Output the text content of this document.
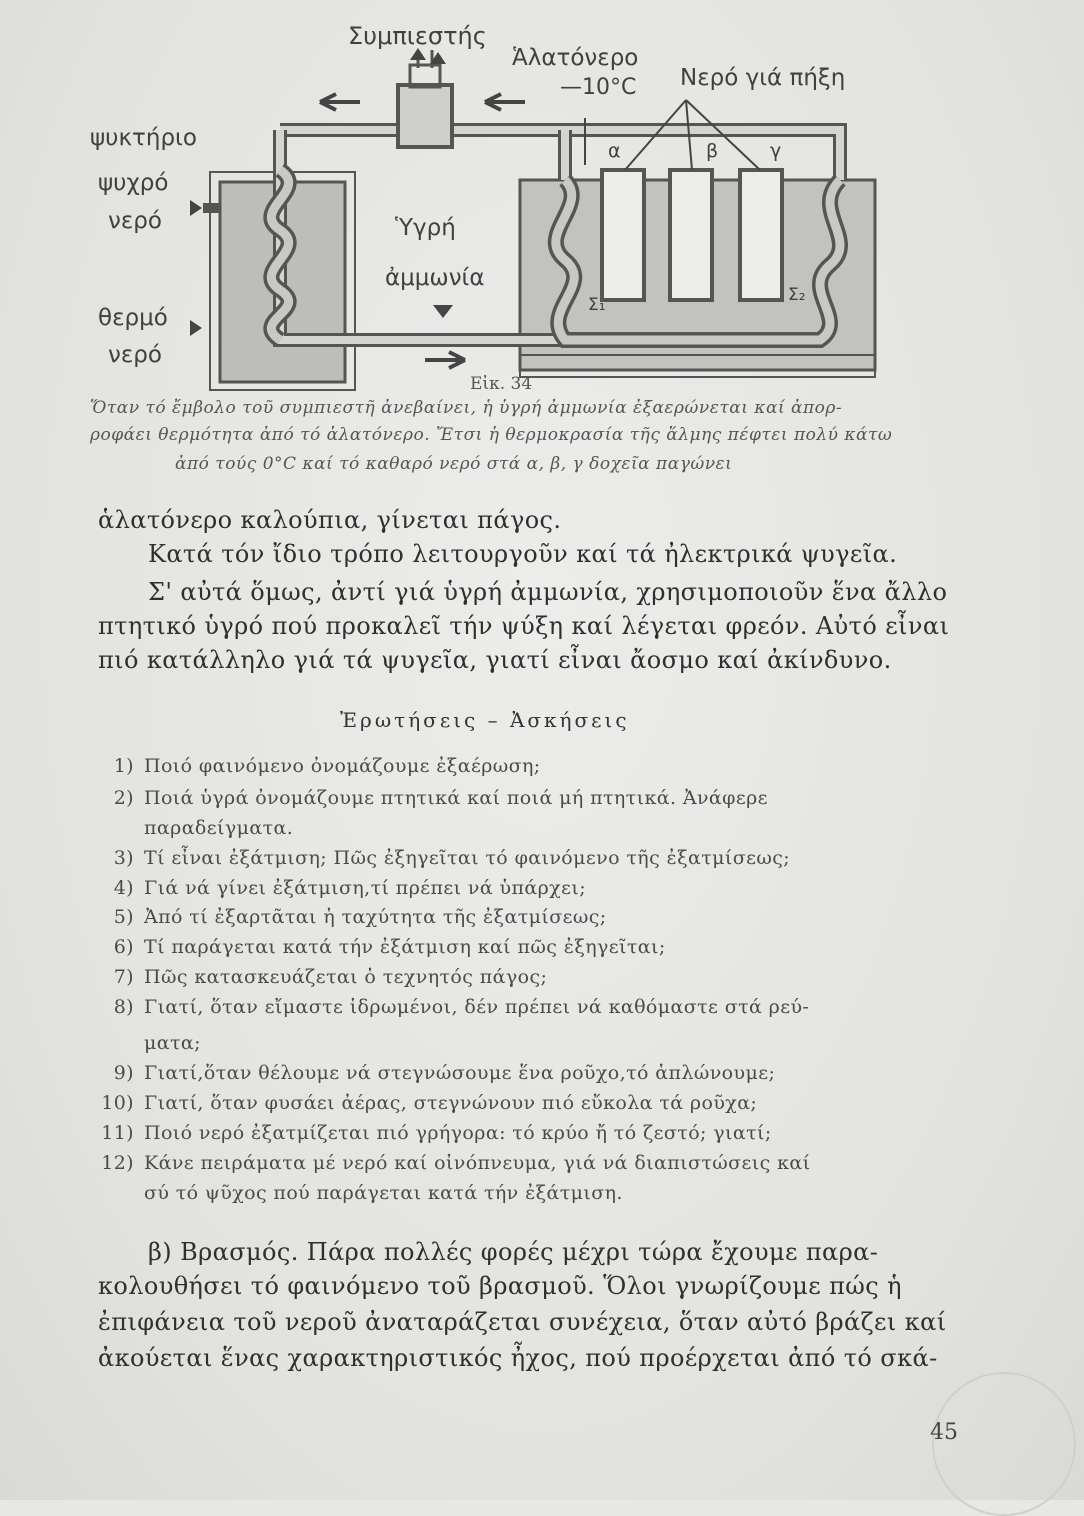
Συμπιεστής
Ἁλατόνερο
—10°C Νερό γιά πήξη
ψυκτήριο
ψυχρό
νερό	Ὑγρή
ἀμμωνία
θερμό
νερό
α	β	γ
Σ₁	Σ₂
Εἰκ. 34
Ὅταν τό ἔμβολο τοῦ συμπιεστῆ ἀνεβαίνει, ἡ ὑγρή ἀμμωνία ἐξαερώνεται καί ἀπορ-
ροφάει θερμότητα ἀπό τό ἁλατόνερο. Ἔτσι ἡ θερμοκρασία τῆς ἅλμης πέφτει πολύ κάτω
ἀπό τούς 0°C καί τό καθαρό νερό στά α, β, γ δοχεῖα παγώνει
ἁλατόνερο καλούπια, γίνεται πάγος.
Κατά τόν ἴδιο τρόπο λειτουργοῦν καί τά ἠλεκτρικά ψυγεῖα.
Σ' αὐτά ὅμως, ἀντί γιά ὑγρή ἀμμωνία, χρησιμοποιοῦν ἕνα ἄλλο
πτητικό ὑγρό πού προκαλεῖ τήν ψύξη καί λέγεται φρεόν. Αὐτό εἶναι
πιό κατάλληλο γιά τά ψυγεῖα, γιατί εἶναι ἄοσμο καί ἀκίνδυνο.
Ἐρωτήσεις – Ἀσκήσεις
1) Ποιό φαινόμενο ὀνομάζουμε ἐξαέρωση;
2) Ποιά ὑγρά ὀνομάζουμε πτητικά καί ποιά μή πτητικά. Ἀνάφερε
παραδείγματα.
3) Τί εἶναι ἐξάτμιση; Πῶς ἐξηγεῖται τό φαινόμενο τῆς ἐξατμίσεως;
4) Γιά νά γίνει ἐξάτμιση,τί πρέπει νά ὑπάρχει;
5) Ἀπό τί ἐξαρτᾶται ἡ ταχύτητα τῆς ἐξατμίσεως;
6) Τί παράγεται κατά τήν ἐξάτμιση καί πῶς ἐξηγεῖται;
7) Πῶς κατασκευάζεται ὁ τεχνητός πάγος;
8) Γιατί, ὅταν εἴμαστε ἱδρωμένοι, δέν πρέπει νά καθόμαστε στά ρεύ-
ματα;
9) Γιατί,ὅταν θέλουμε νά στεγνώσουμε ἕνα ροῦχο,τό ἁπλώνουμε;
10) Γιατί, ὅταν φυσάει ἀέρας, στεγνώνουν πιό εὔκολα τά ροῦχα;
11) Ποιό νερό ἐξατμίζεται πιό γρήγορα: τό κρύο ἤ τό ζεστό; γιατί;
12) Κάνε πειράματα μέ νερό καί οἰνόπνευμα, γιά νά διαπιστώσεις καί
σύ τό ψῦχος πού παράγεται κατά τήν ἐξάτμιση.
β) Βρασμός. Πάρα πολλές φορές μέχρι τώρα ἔχουμε παρα-
κολουθήσει τό φαινόμενο τοῦ βρασμοῦ. Ὅλοι γνωρίζουμε πώς ἡ
ἐπιφάνεια τοῦ νεροῦ ἀναταράζεται συνέχεια, ὅταν αὐτό βράζει καί
ἀκούεται ἕνας χαρακτηριστικός ἦχος, πού προέρχεται ἀπό τό σκά-
45
